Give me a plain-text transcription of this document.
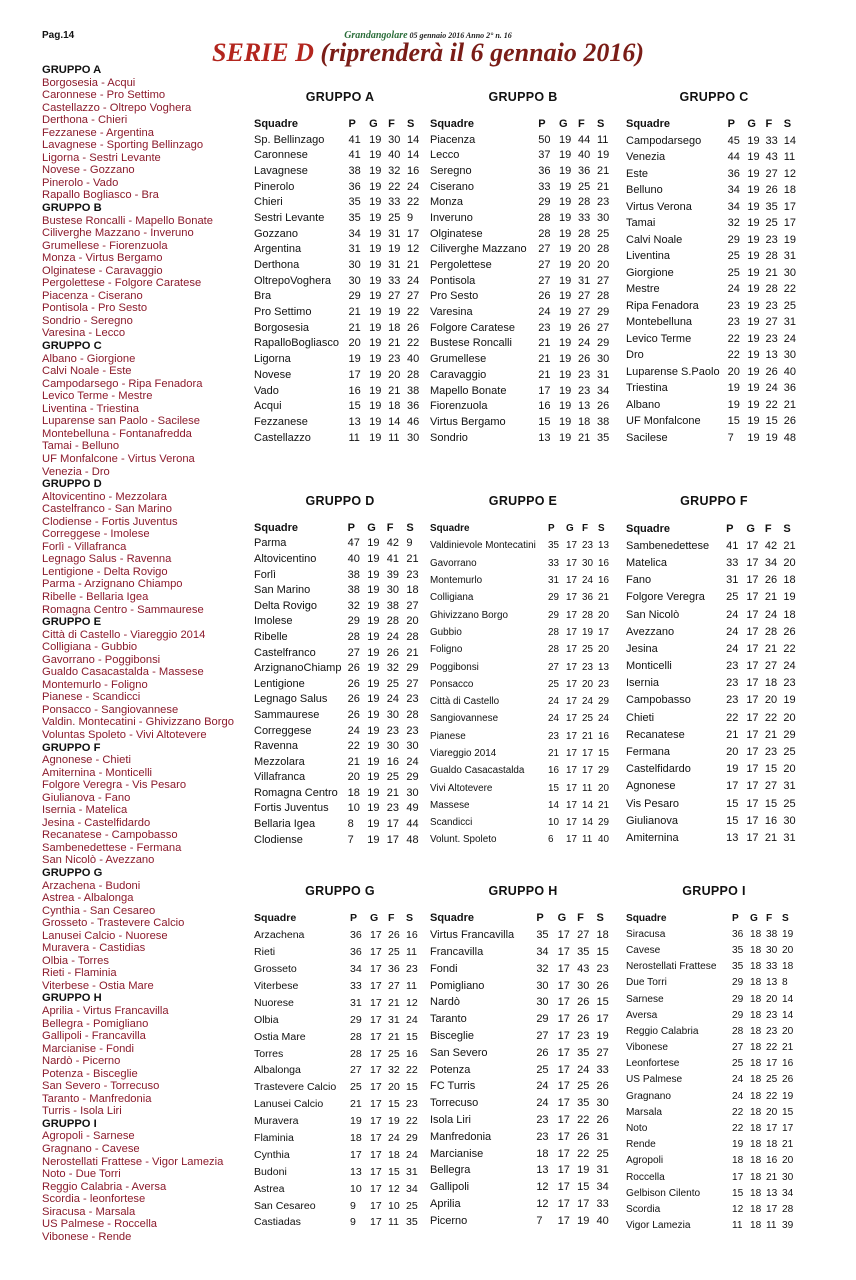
Pag.14	Grandangolare 05 gennaio 2016 Anno 2° n. 16
SERIE D (riprenderà il 6 gennaio 2016)
GRUPPO A
Borgosesia - Acqui
Caronnese - Pro Settimo
Castellazzo - Oltrepo Voghera
Derthona - Chieri
Fezzanese - Argentina
Lavagnese - Sporting Bellinzago
Ligorna - Sestri Levante
Novese - Gozzano
Pinerolo - Vado
Rapallo Bogliasco - Bra
GRUPPO B
Bustese Roncalli - Mapello Bonate
Ciliverghe Mazzano - Inveruno
Grumellese - Fiorenzuola
Monza - Virtus Bergamo
Olginatese - Caravaggio
Pergolettese - Folgore Caratese
Piacenza - Ciserano
Pontisola - Pro Sesto
Sondrio - Seregno
Varesina - Lecco
GRUPPO C
Albano - Giorgione
Calvi Noale - Este
Campodarsego - Ripa Fenadora
Levico Terme - Mestre
Liventina - Triestina
Luparense san Paolo - Sacilese
Montebelluna - Fontanafredda
Tamai - Belluno
UF Monfalcone - Virtus Verona
Venezia - Dro
GRUPPO D
Altovicentino - Mezzolara
Castelfranco - San Marino
Clodiense - Fortis Juventus
Correggese - Imolese
Forlì - Villafranca
Legnago Salus - Ravenna
Lentigione - Delta Rovigo
Parma - Arzignano Chiampo
Ribelle - Bellaria Igea
Romagna Centro - Sammaurese
GRUPPO E
Città di Castello - Viareggio 2014
Colligiana - Gubbio
Gavorrano - Poggibonsi
Gualdo Casacastalda - Massese
Montemurlo - Foligno
Pianese - Scandicci
Ponsacco - Sangiovannese
Valdin. Montecatini - Ghivizzano Borgo
Voluntas Spoleto - Vivi Altotevere
GRUPPO F
Agnonese - Chieti
Amiternina - Monticelli
Folgore Veregra - Vis Pesaro
Giulianova - Fano
Isernia - Matelica
Jesina - Castelfidardo
Recanatese - Campobasso
Sambenedettese - Fermana
San Nicolò - Avezzano
GRUPPO G
Arzachena - Budoni
Astrea - Albalonga
Cynthia - San Cesareo
Grosseto - Trastevere Calcio
Lanusei Calcio - Nuorese
Muravera - Castidias
Olbia - Torres
Rieti - Flaminia
Viterbese - Ostia Mare
GRUPPO H
Aprilia - Virtus Francavilla
Bellegra - Pomigliano
Gallipoli - Francavilla
Marcianise - Fondi
Nardò - Picerno
Potenza - Bisceglie
San Severo - Torrecuso
Taranto - Manfredonia
Turris - Isola Liri
GRUPPO I
Agropoli - Sarnese
Gragnano - Cavese
Nerostellati Frattese - Vigor Lamezia
Noto - Due Torri
Reggio Calabria - Aversa
Scordia - leonfortese
Siracusa - Marsala
US Palmese - Roccella
Vibonese - Rende
GRUPPO A
Squadre	P	G	F	S
Sp. Bellinzago	41	19	30	14
Caronnese	41	19	40	14
Lavagnese	38	19	32	16
Pinerolo	36	19	22	24
Chieri	35	19	33	22
Sestri Levante	35	19	25	9
Gozzano	34	19	31	17
Argentina	31	19	19	12
Derthona	30	19	31	21
OltrepoVoghera	30	19	33	24
Bra	29	19	27	27
Pro Settimo	21	19	19	22
Borgosesia	21	19	18	26
RapalloBogliasco	20	19	21	22
Ligorna	19	19	23	40
Novese	17	19	20	28
Vado	16	19	21	38
Acqui	15	19	18	36
Fezzanese	13	19	14	46
Castellazzo	11	19	11	30
GRUPPO B
Squadre	P	G	F	S
Piacenza	50	19	44	11
Lecco	37	19	40	19
Seregno	36	19	36	21
Ciserano	33	19	25	21
Monza	29	19	28	23
Inveruno	28	19	33	30
Olginatese	28	19	28	25
Ciliverghe Mazzano	27	19	20	28
Pergolettese	27	19	20	20
Pontisola	27	19	31	27
Pro Sesto	26	19	27	28
Varesina	24	19	27	29
Folgore Caratese	23	19	26	27
Bustese Roncalli	21	19	24	29
Grumellese	21	19	26	30
Caravaggio	21	19	23	31
Mapello Bonate	17	19	23	34
Fiorenzuola	16	19	13	26
Virtus Bergamo	15	19	18	38
Sondrio	13	19	21	35
GRUPPO C
Squadre	P	G	F	S
Campodarsego	45	19	33	14
Venezia	44	19	43	11
Este	36	19	27	12
Belluno	34	19	26	18
Virtus Verona	34	19	35	17
Tamai	32	19	25	17
Calvi Noale	29	19	23	19
Liventina	25	19	28	31
Giorgione	25	19	21	30
Mestre	24	19	28	22
Ripa Fenadora	23	19	23	25
Montebelluna	23	19	27	31
Levico Terme	22	19	23	24
Dro	22	19	13	30
Luparense S.Paolo	20	19	26	40
Triestina	19	19	24	36
Albano	19	19	22	21
UF Monfalcone	15	19	15	26
Sacilese	7	19	19	48
GRUPPO D
Squadre	P	G	F	S
Parma	47	19	42	9
Altovicentino	40	19	41	21
Forlì	38	19	39	23
San Marino	38	19	30	18
Delta Rovigo	32	19	38	27
Imolese	29	19	28	20
Ribelle	28	19	24	28
Castelfranco	27	19	26	21
ArzignanoChiamp	26	19	32	29
Lentigione	26	19	25	27
Legnago Salus	26	19	24	23
Sammaurese	26	19	30	28
Correggese	24	19	23	23
Ravenna	22	19	30	30
Mezzolara	21	19	16	24
Villafranca	20	19	25	29
Romagna Centro	18	19	21	30
Fortis Juventus	10	19	23	49
Bellaria Igea	8	19	17	44
Clodiense	7	19	17	48
GRUPPO E
Squadre	P	G	F	S
Valdinievole Montecatini	35	17	23	13
Gavorrano	33	17	30	16
Montemurlo	31	17	24	16
Colligiana	29	17	36	21
Ghivizzano Borgo	29	17	28	20
Gubbio	28	17	19	17
Foligno	28	17	25	20
Poggibonsi	27	17	23	13
Ponsacco	25	17	20	23
Città di Castello	24	17	24	29
Sangiovannese	24	17	25	24
Pianese	23	17	21	16
Viareggio 2014	21	17	17	15
Gualdo Casacastalda	16	17	17	29
Vivi Altotevere	15	17	11	20
Massese	14	17	14	21
Scandicci	10	17	14	29
Volunt. Spoleto	6	17	11	40
GRUPPO F
Squadre	P	G	F	S
Sambenedettese	41	17	42	21
Matelica	33	17	34	20
Fano	31	17	26	18
Folgore Veregra	25	17	21	19
San Nicolò	24	17	24	18
Avezzano	24	17	28	26
Jesina	24	17	21	22
Monticelli	23	17	27	24
Isernia	23	17	18	23
Campobasso	23	17	20	19
Chieti	22	17	22	20
Recanatese	21	17	21	29
Fermana	20	17	23	25
Castelfidardo	19	17	15	20
Agnonese	17	17	27	31
Vis Pesaro	15	17	15	25
Giulianova	15	17	16	30
Amiternina	13	17	21	31
GRUPPO G
Squadre	P	G	F	S
Arzachena	36	17	26	16
Rieti	36	17	25	11
Grosseto	34	17	36	23
Viterbese	33	17	27	11
Nuorese	31	17	21	12
Olbia	29	17	31	24
Ostia Mare	28	17	21	15
Torres	28	17	25	16
Albalonga	27	17	32	22
Trastevere Calcio	25	17	20	15
Lanusei Calcio	21	17	15	23
Muravera	19	17	19	22
Flaminia	18	17	24	29
Cynthia	17	17	18	24
Budoni	13	17	15	31
Astrea	10	17	12	34
San Cesareo	9	17	10	25
Castiadas	9	17	11	35
GRUPPO H
Squadre	P	G	F	S
Virtus Francavilla	35	17	27	18
Francavilla	34	17	35	15
Fondi	32	17	43	23
Pomigliano	30	17	30	26
Nardò	30	17	26	15
Taranto	29	17	26	17
Bisceglie	27	17	23	19
San Severo	26	17	35	27
Potenza	25	17	24	33
FC Turris	24	17	25	26
Torrecuso	24	17	35	30
Isola Liri	23	17	22	26
Manfredonia	23	17	26	31
Marcianise	18	17	22	25
Bellegra	13	17	19	31
Gallipoli	12	17	15	34
Aprilia	12	17	17	33
Picerno	7	17	19	40
GRUPPO I
Squadre	P	G	F	S
Siracusa	36	18	38	19
Cavese	35	18	30	20
Nerostellati Frattese	35	18	33	18
Due Torri	29	18	13	8
Sarnese	29	18	20	14
Aversa	29	18	23	14
Reggio Calabria	28	18	23	20
Vibonese	27	18	22	21
Leonfortese	25	18	17	16
US Palmese	24	18	25	26
Gragnano	24	18	22	19
Marsala	22	18	20	15
Noto	22	18	17	17
Rende	19	18	18	21
Agropoli	18	18	16	20
Roccella	17	18	21	30
Gelbison Cilento	15	18	13	34
Scordia	12	18	17	28
Vigor Lamezia	11	18	11	39
